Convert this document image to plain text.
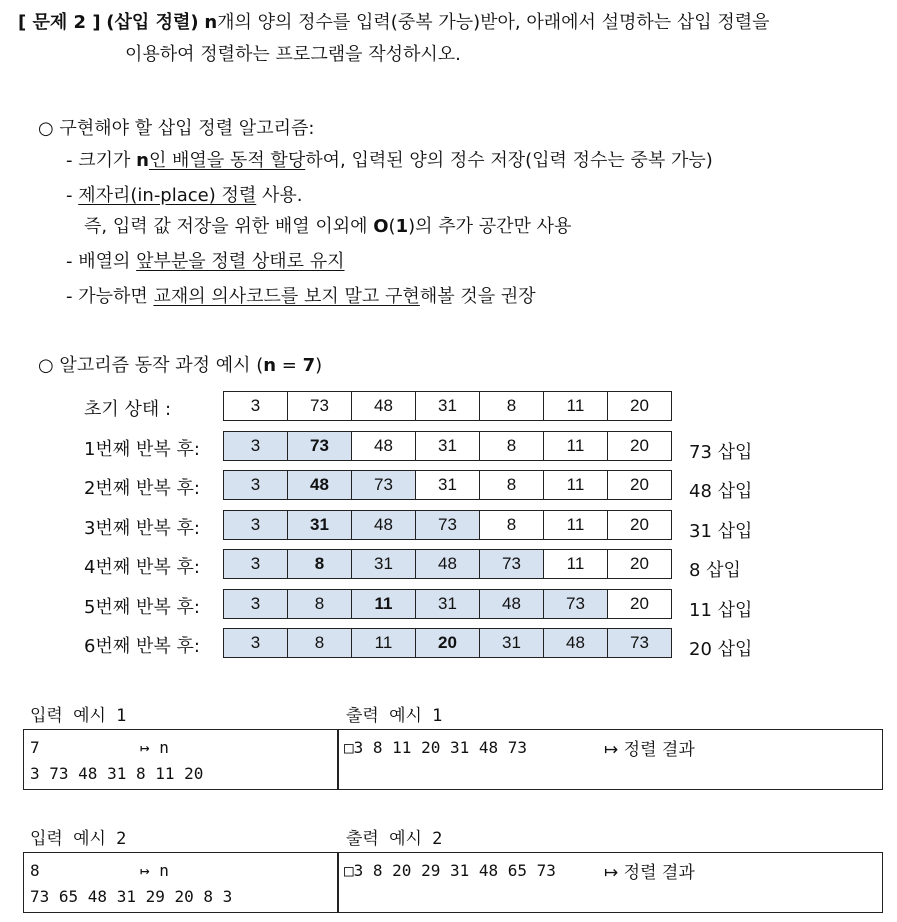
[ 문제 2 ] (삽입 정렬) n개의 양의 정수를 입력(중복 가능)받아, 아래에서 설명하는 삽입 정렬을
이용하여 정렬하는 프로그램을 작성하시오.
○ 구현해야 할 삽입 정렬 알고리즘:
- 크기가 n인 배열을 동적 할당하여, 입력된 양의 정수 저장(입력 정수는 중복 가능)
- 제자리(in-place) 정렬 사용.
즉, 입력 값 저장을 위한 배열 이외에 O(1)의 추가 공간만 사용
- 배열의 앞부분을 정렬 상태로 유지
- 가능하면 교재의 의사코드를 보지 말고 구현해볼 것을 권장
○ 알고리즘 동작 과정 예시 (n = 7)
초기 상태 :	3	73	48	31	8	11	20
1번째 반복 후:	3	73	48	31	8	11	20 73 삽입
2번째 반복 후:	3	48	73	31	8	11	20 48 삽입
3번째 반복 후:	3	31	48	73	8	11	20 31 삽입
4번째 반복 후:	3	8	31	48	73	11	20 8 삽입
5번째 반복 후:	3	8	11	31	48	73	20 11 삽입
6번째 반복 후:	3	8	11	20	31	48	73 20 삽입
입력 예시 1	출력 예시 1
7	↦ n
3 73 48 31 8 11 20
□3 8 11 20 31 48 73	↦ 정렬 결과
입력 예시 2	출력 예시 2
8	↦ n
73 65 48 31 29 20 8 3
□3 8 20 29 31 48 65 73	↦ 정렬 결과
